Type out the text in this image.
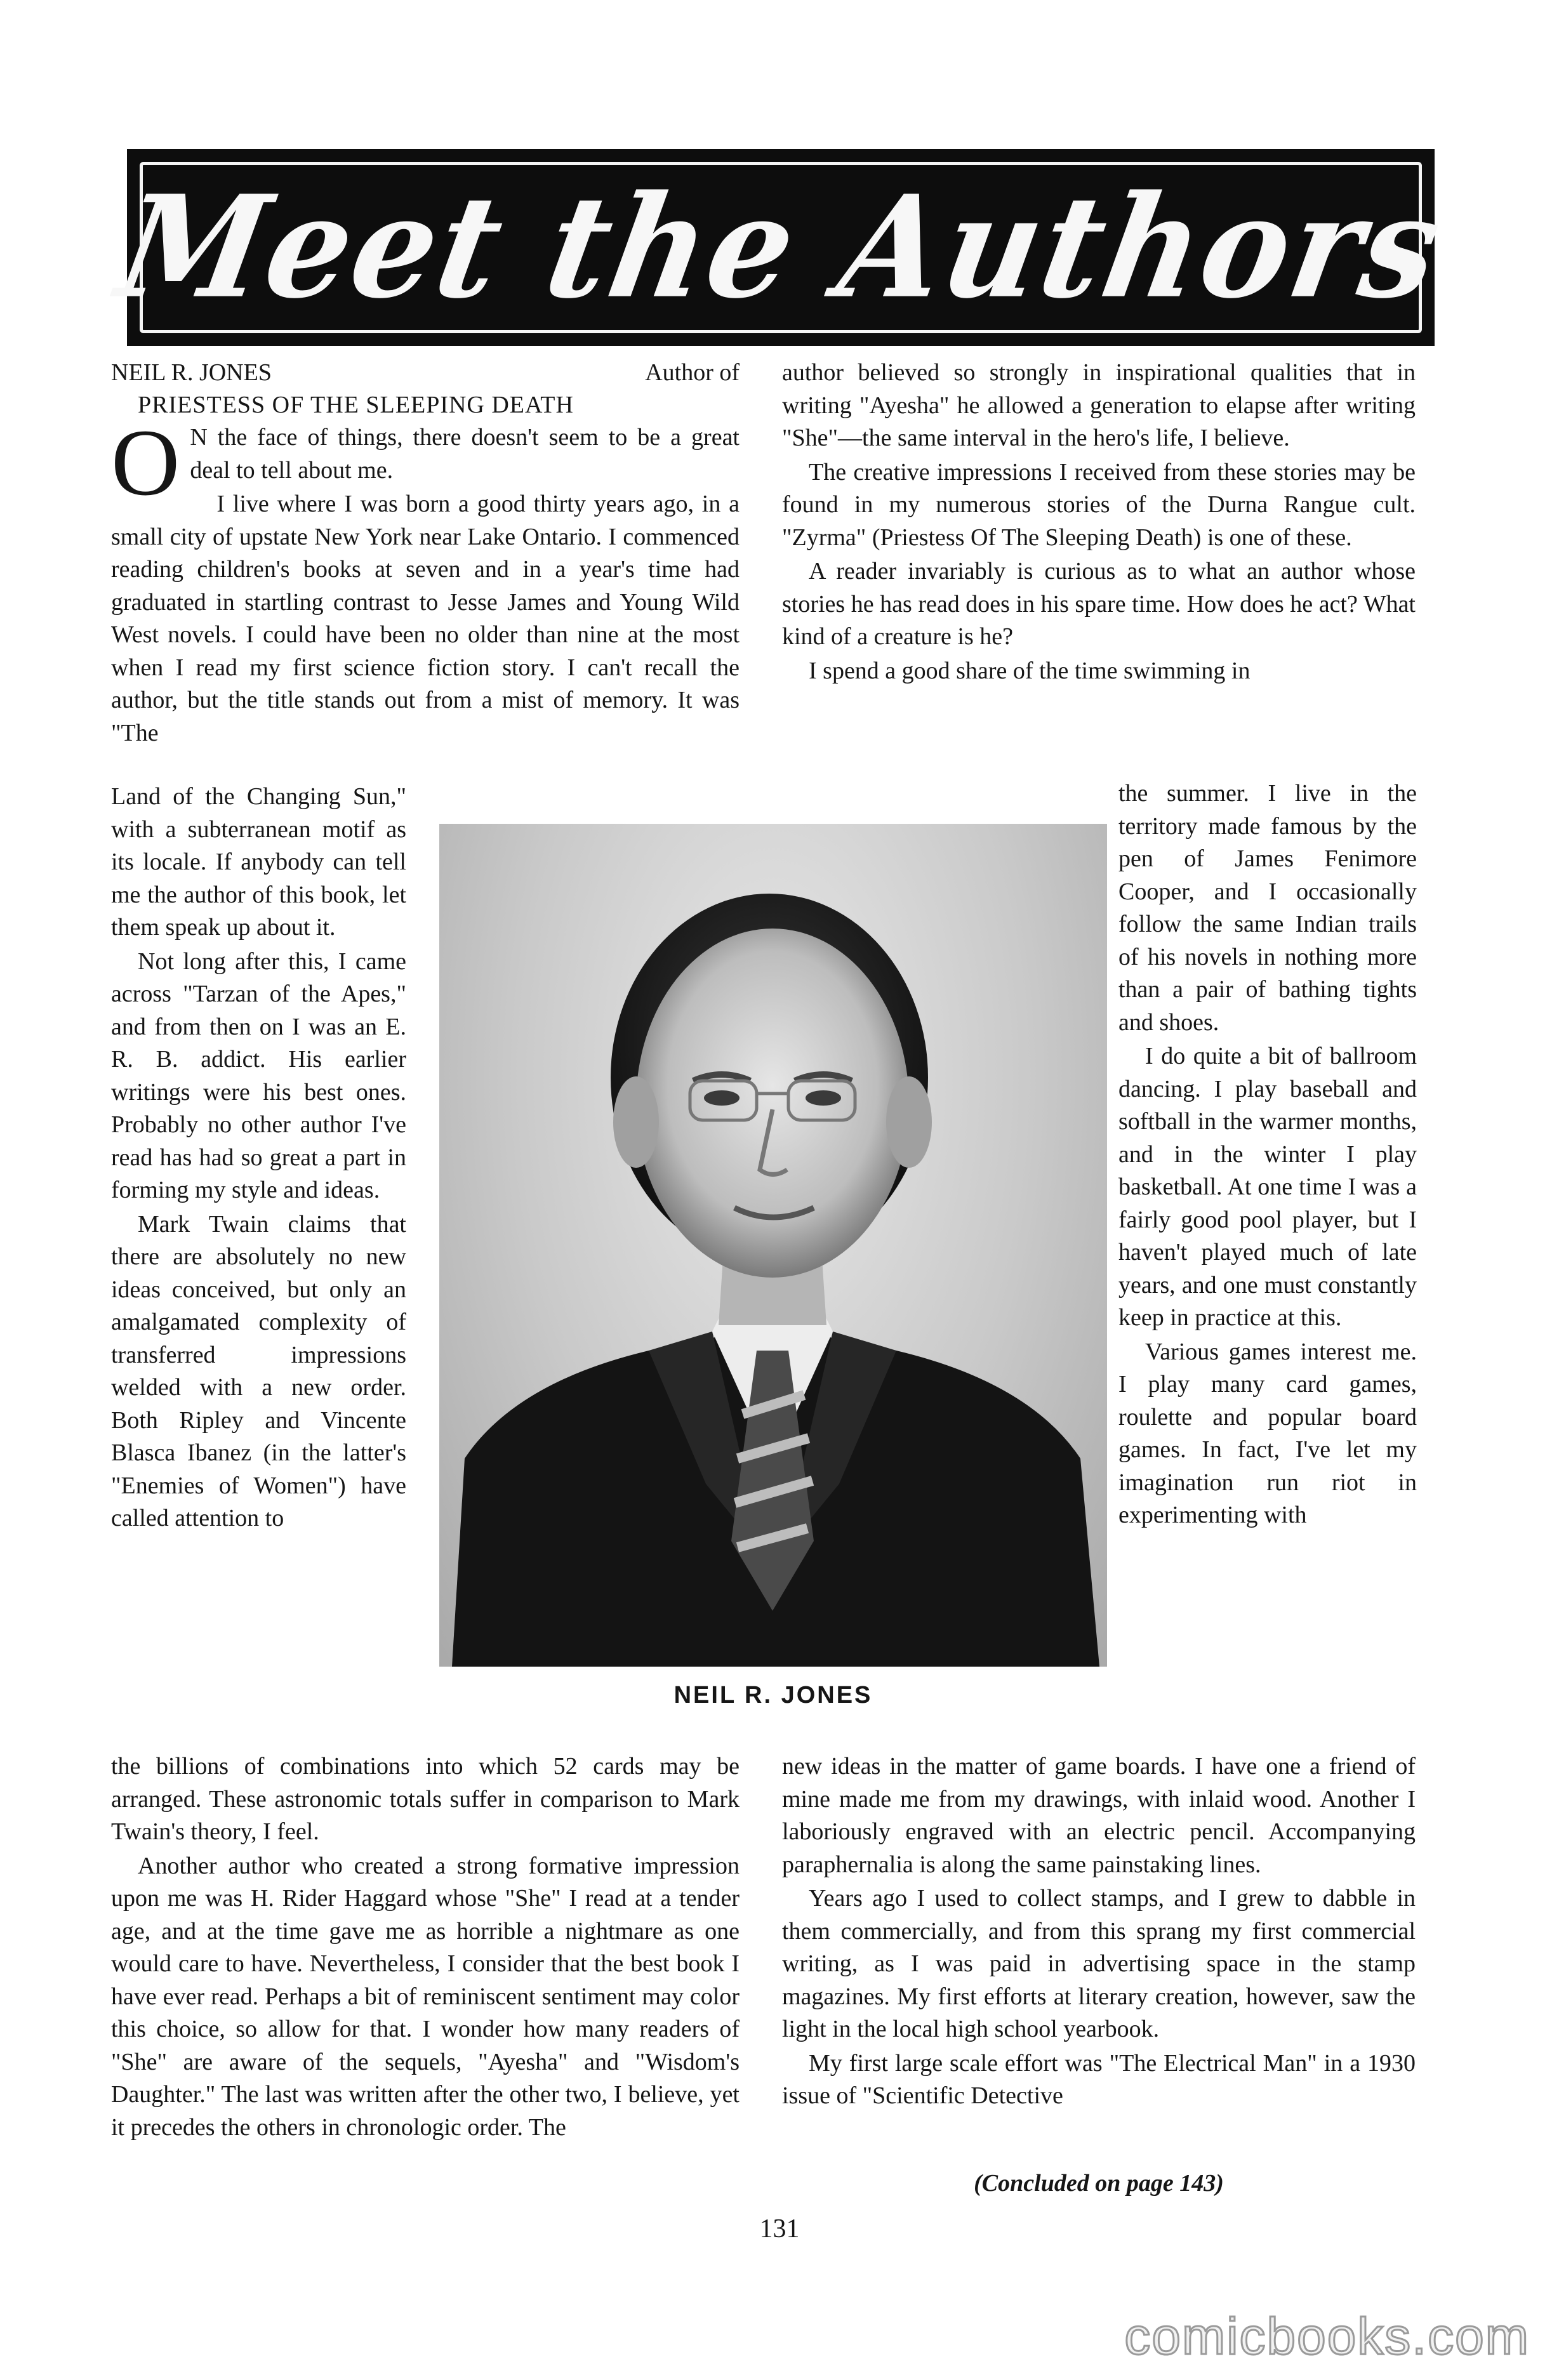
Meet the Authors
NEIL R. JONES	Author of
PRIESTESS OF THE SLEEPING DEATH
O N the face of things, there doesn't seem to be a great deal to tell about me.

I live where I was born a good thirty years ago, in a small city of upstate New York near Lake Ontario. I commenced reading children's books at seven and in a year's time had graduated in startling contrast to Jesse James and Young Wild West novels. I could have been no older than nine at the most when I read my first science fiction story. I can't recall the author, but the title stands out from a mist of memory. It was "The

Land of the Changing Sun," with a subterranean motif as its locale. If anybody can tell me the author of this book, let them speak up about it.

Not long after this, I came across "Tarzan of the Apes," and from then on I was an E. R. B. addict. His earlier writings were his best ones. Probably no other author I've read has had so great a part in forming my style and ideas.

Mark Twain claims that there are absolutely no new ideas conceived, but only an amalgamated complexity of transferred impressions welded with a new order. Both Ripley and Vincente Blasca Ibanez (in the latter's "Enemies of Women") have called attention to

the billions of combinations into which 52 cards may be arranged. These astronomic totals suffer in comparison to Mark Twain's theory, I feel.

Another author who created a strong formative impression upon me was H. Rider Haggard whose "She" I read at a tender age, and at the time gave me as horrible a nightmare as one would care to have. Nevertheless, I consider that the best book I have ever read. Perhaps a bit of reminiscent sentiment may color this choice, so allow for that. I wonder how many readers of "She" are aware of the sequels, "Ayesha" and "Wisdom's Daughter." The last was written after the other two, I believe, yet it precedes the others in chronologic order. The

author believed so strongly in inspirational qualities that in writing "Ayesha" he allowed a generation to elapse after writing "She"—the same interval in the hero's life, I believe.

The creative impressions I received from these stories may be found in my numerous stories of the Durna Rangue cult. "Zyrma" (Priestess Of The Sleeping Death) is one of these.

A reader invariably is curious as to what an author whose stories he has read does in his spare time. How does he act? What kind of a creature is he?

I spend a good share of the time swimming in

the summer. I live in the territory made famous by the pen of James Fenimore Cooper, and I occasionally follow the same Indian trails of his novels in nothing more than a pair of bathing tights and shoes.

I do quite a bit of ballroom dancing. I play baseball and softball in the warmer months, and in the winter I play basketball. At one time I was a fairly good pool player, but I haven't played much of late years, and one must constantly keep in practice at this.

Various games interest me. I play many card games, roulette and popular board games. In fact, I've let my imagination run riot in experimenting with

new ideas in the matter of game boards. I have one a friend of mine made me from my drawings, with inlaid wood. Another I laboriously engraved with an electric pencil. Accompanying paraphernalia is along the same painstaking lines.

Years ago I used to collect stamps, and I grew to dabble in them commercially, and from this sprang my first commercial writing, as I was paid in advertising space in the stamp magazines. My first efforts at literary creation, however, saw the light in the local high school yearbook.

My first large scale effort was "The Electrical Man" in a 1930 issue of "Scientific Detective

(Concluded on page 143)
NEIL R. JONES
131
comicbooks.com
